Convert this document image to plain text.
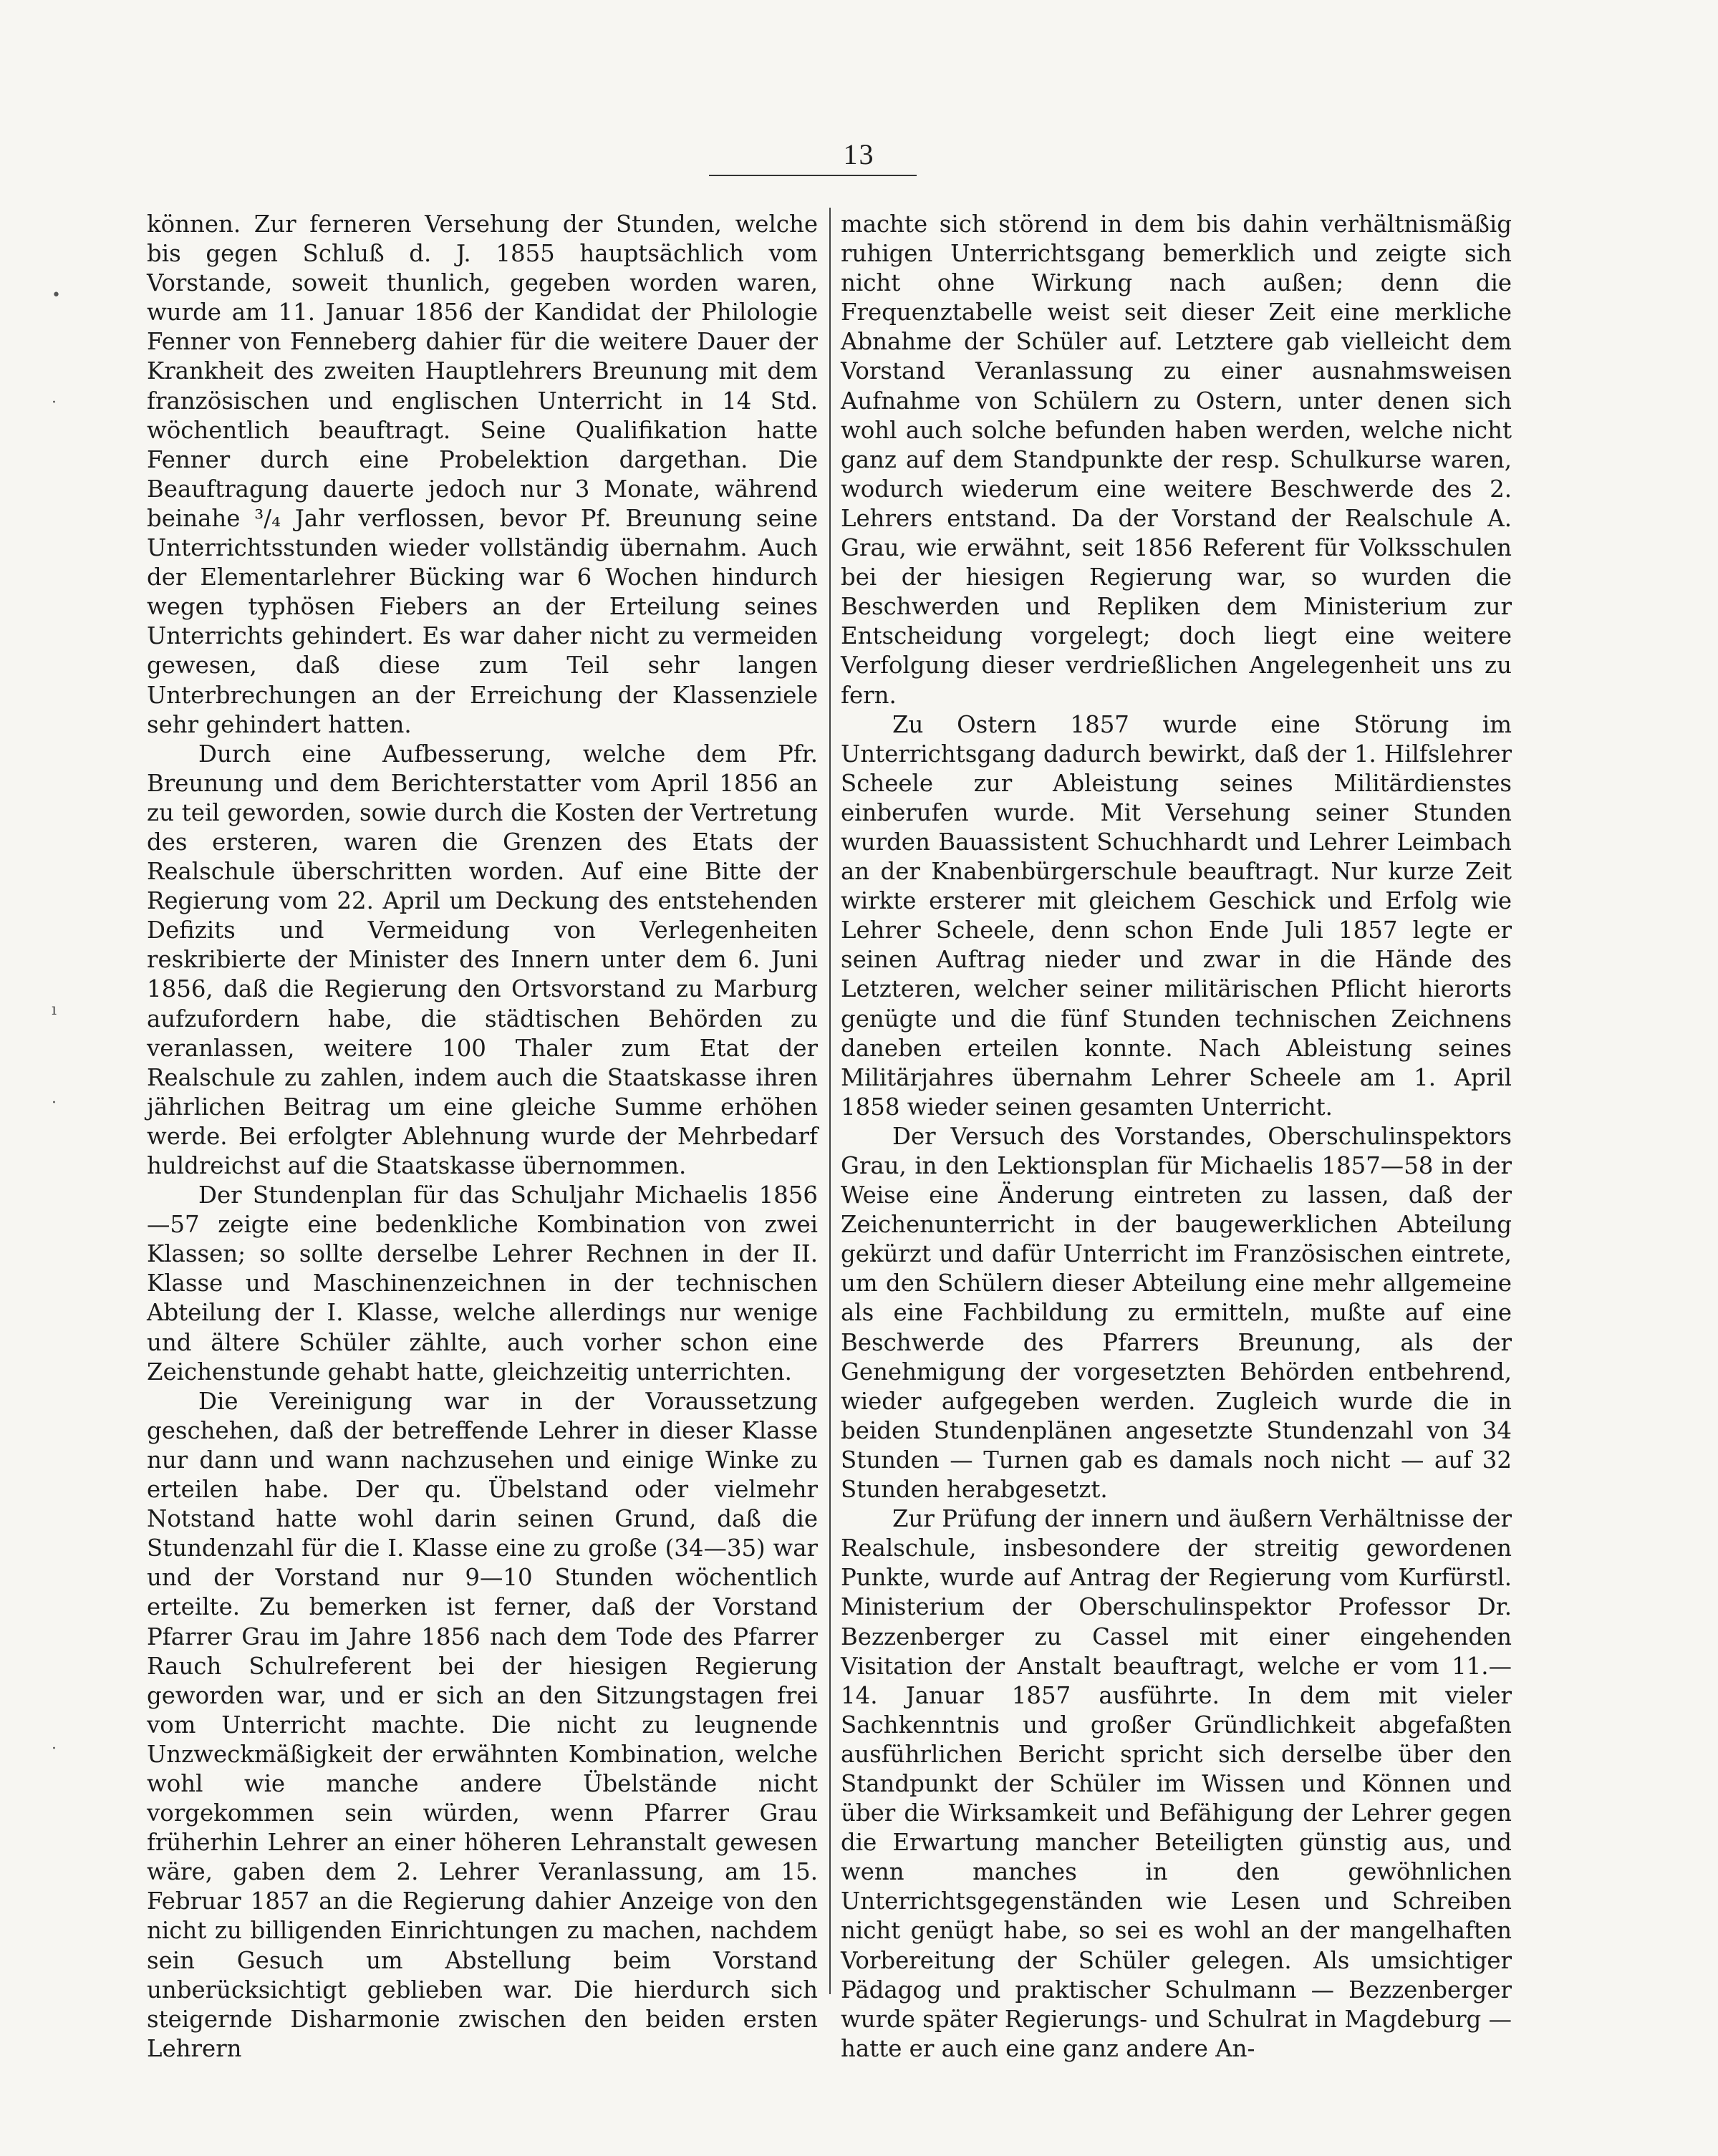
13

können. Zur ferneren Versehung der Stunden, welche bis gegen Schluß d. J. 1855 hauptsächlich vom Vorstande, soweit thunlich, gegeben worden waren, wurde am 11. Januar 1856 der Kandidat der Philologie Fenner von Fenneberg dahier für die weitere Dauer der Krankheit des zweiten Hauptlehrers Breunung mit dem französischen und englischen Unterricht in 14 Std. wöchentlich beauftragt. Seine Qualifikation hatte Fenner durch eine Probelektion dargethan. Die Beauftragung dauerte jedoch nur 3 Monate, während beinahe ³/₄ Jahr verflossen, bevor Pf. Breunung seine Unterrichtsstunden wieder vollständig übernahm. Auch der Elementarlehrer Bücking war 6 Wochen hindurch wegen typhösen Fiebers an der Erteilung seines Unterrichts gehindert. Es war daher nicht zu vermeiden gewesen, daß diese zum Teil sehr langen Unterbrechungen an der Erreichung der Klassenziele sehr gehindert hatten.

Durch eine Aufbesserung, welche dem Pfr. Breunung und dem Berichterstatter vom April 1856 an zu teil geworden, sowie durch die Kosten der Vertretung des ersteren, waren die Grenzen des Etats der Realschule überschritten worden. Auf eine Bitte der Regierung vom 22. April um Deckung des entstehenden Defizits und Vermeidung von Verlegenheiten reskribierte der Minister des Innern unter dem 6. Juni 1856, daß die Regierung den Ortsvorstand zu Marburg aufzufordern habe, die städtischen Behörden zu veranlassen, weitere 100 Thaler zum Etat der Realschule zu zahlen, indem auch die Staatskasse ihren jährlichen Beitrag um eine gleiche Summe erhöhen werde. Bei erfolgter Ablehnung wurde der Mehrbedarf huldreichst auf die Staatskasse übernommen.

Der Stundenplan für das Schuljahr Michaelis 1856—57 zeigte eine bedenkliche Kombination von zwei Klassen; so sollte derselbe Lehrer Rechnen in der II. Klasse und Maschinenzeichnen in der technischen Abteilung der I. Klasse, welche allerdings nur wenige und ältere Schüler zählte, auch vorher schon eine Zeichenstunde gehabt hatte, gleichzeitig unterrichten.

Die Vereinigung war in der Voraussetzung geschehen, daß der betreffende Lehrer in dieser Klasse nur dann und wann nachzusehen und einige Winke zu erteilen habe. Der qu. Übelstand oder vielmehr Notstand hatte wohl darin seinen Grund, daß die Stundenzahl für die I. Klasse eine zu große (34—35) war und der Vorstand nur 9—10 Stunden wöchentlich erteilte. Zu bemerken ist ferner, daß der Vorstand Pfarrer Grau im Jahre 1856 nach dem Tode des Pfarrer Rauch Schulreferent bei der hiesigen Regierung geworden war, und er sich an den Sitzungstagen frei vom Unterricht machte. Die nicht zu leugnende Unzweckmäßigkeit der erwähnten Kombination, welche wohl wie manche andere Übelstände nicht vorgekommen sein würden, wenn Pfarrer Grau früherhin Lehrer an einer höheren Lehranstalt gewesen wäre, gaben dem 2. Lehrer Veranlassung, am 15. Februar 1857 an die Regierung dahier Anzeige von den nicht zu billigenden Einrichtungen zu machen, nachdem sein Gesuch um Abstellung beim Vorstand unberücksichtigt geblieben war. Die hierdurch sich steigernde Disharmonie zwischen den beiden ersten Lehrern

machte sich störend in dem bis dahin verhältnismäßig ruhigen Unterrichtsgang bemerklich und zeigte sich nicht ohne Wirkung nach außen; denn die Frequenztabelle weist seit dieser Zeit eine merkliche Abnahme der Schüler auf. Letztere gab vielleicht dem Vorstand Veranlassung zu einer ausnahmsweisen Aufnahme von Schülern zu Ostern, unter denen sich wohl auch solche befunden haben werden, welche nicht ganz auf dem Standpunkte der resp. Schulkurse waren, wodurch wiederum eine weitere Beschwerde des 2. Lehrers entstand. Da der Vorstand der Realschule A. Grau, wie erwähnt, seit 1856 Referent für Volksschulen bei der hiesigen Regierung war, so wurden die Beschwerden und Repliken dem Ministerium zur Entscheidung vorgelegt; doch liegt eine weitere Verfolgung dieser verdrießlichen Angelegenheit uns zu fern.

Zu Ostern 1857 wurde eine Störung im Unterrichtsgang dadurch bewirkt, daß der 1. Hilfslehrer Scheele zur Ableistung seines Militärdienstes einberufen wurde. Mit Versehung seiner Stunden wurden Bauassistent Schuchhardt und Lehrer Leimbach an der Knabenbürgerschule beauftragt. Nur kurze Zeit wirkte ersterer mit gleichem Geschick und Erfolg wie Lehrer Scheele, denn schon Ende Juli 1857 legte er seinen Auftrag nieder und zwar in die Hände des Letzteren, welcher seiner militärischen Pflicht hierorts genügte und die fünf Stunden technischen Zeichnens daneben erteilen konnte. Nach Ableistung seines Militärjahres übernahm Lehrer Scheele am 1. April 1858 wieder seinen gesamten Unterricht.

Der Versuch des Vorstandes, Oberschulinspektors Grau, in den Lektionsplan für Michaelis 1857—58 in der Weise eine Änderung eintreten zu lassen, daß der Zeichenunterricht in der baugewerklichen Abteilung gekürzt und dafür Unterricht im Französischen eintrete, um den Schülern dieser Abteilung eine mehr allgemeine als eine Fachbildung zu ermitteln, mußte auf eine Beschwerde des Pfarrers Breunung, als der Genehmigung der vorgesetzten Behörden entbehrend, wieder aufgegeben werden. Zugleich wurde die in beiden Stundenplänen angesetzte Stundenzahl von 34 Stunden — Turnen gab es damals noch nicht — auf 32 Stunden herabgesetzt.

Zur Prüfung der innern und äußern Verhältnisse der Realschule, insbesondere der streitig gewordenen Punkte, wurde auf Antrag der Regierung vom Kurfürstl. Ministerium der Oberschulinspektor Professor Dr. Bezzenberger zu Cassel mit einer eingehenden Visitation der Anstalt beauftragt, welche er vom 11.—14. Januar 1857 ausführte. In dem mit vieler Sachkenntnis und großer Gründlichkeit abgefaßten ausführlichen Bericht spricht sich derselbe über den Standpunkt der Schüler im Wissen und Können und über die Wirksamkeit und Befähigung der Lehrer gegen die Erwartung mancher Beteiligten günstig aus, und wenn manches in den gewöhnlichen Unterrichtsgegenständen wie Lesen und Schreiben nicht genügt habe, so sei es wohl an der mangelhaften Vorbereitung der Schüler gelegen. Als umsichtiger Pädagog und praktischer Schulmann — Bezzenberger wurde später Regierungs- und Schulrat in Magdeburg — hatte er auch eine ganz andere An-

•
·
ı
·
·
